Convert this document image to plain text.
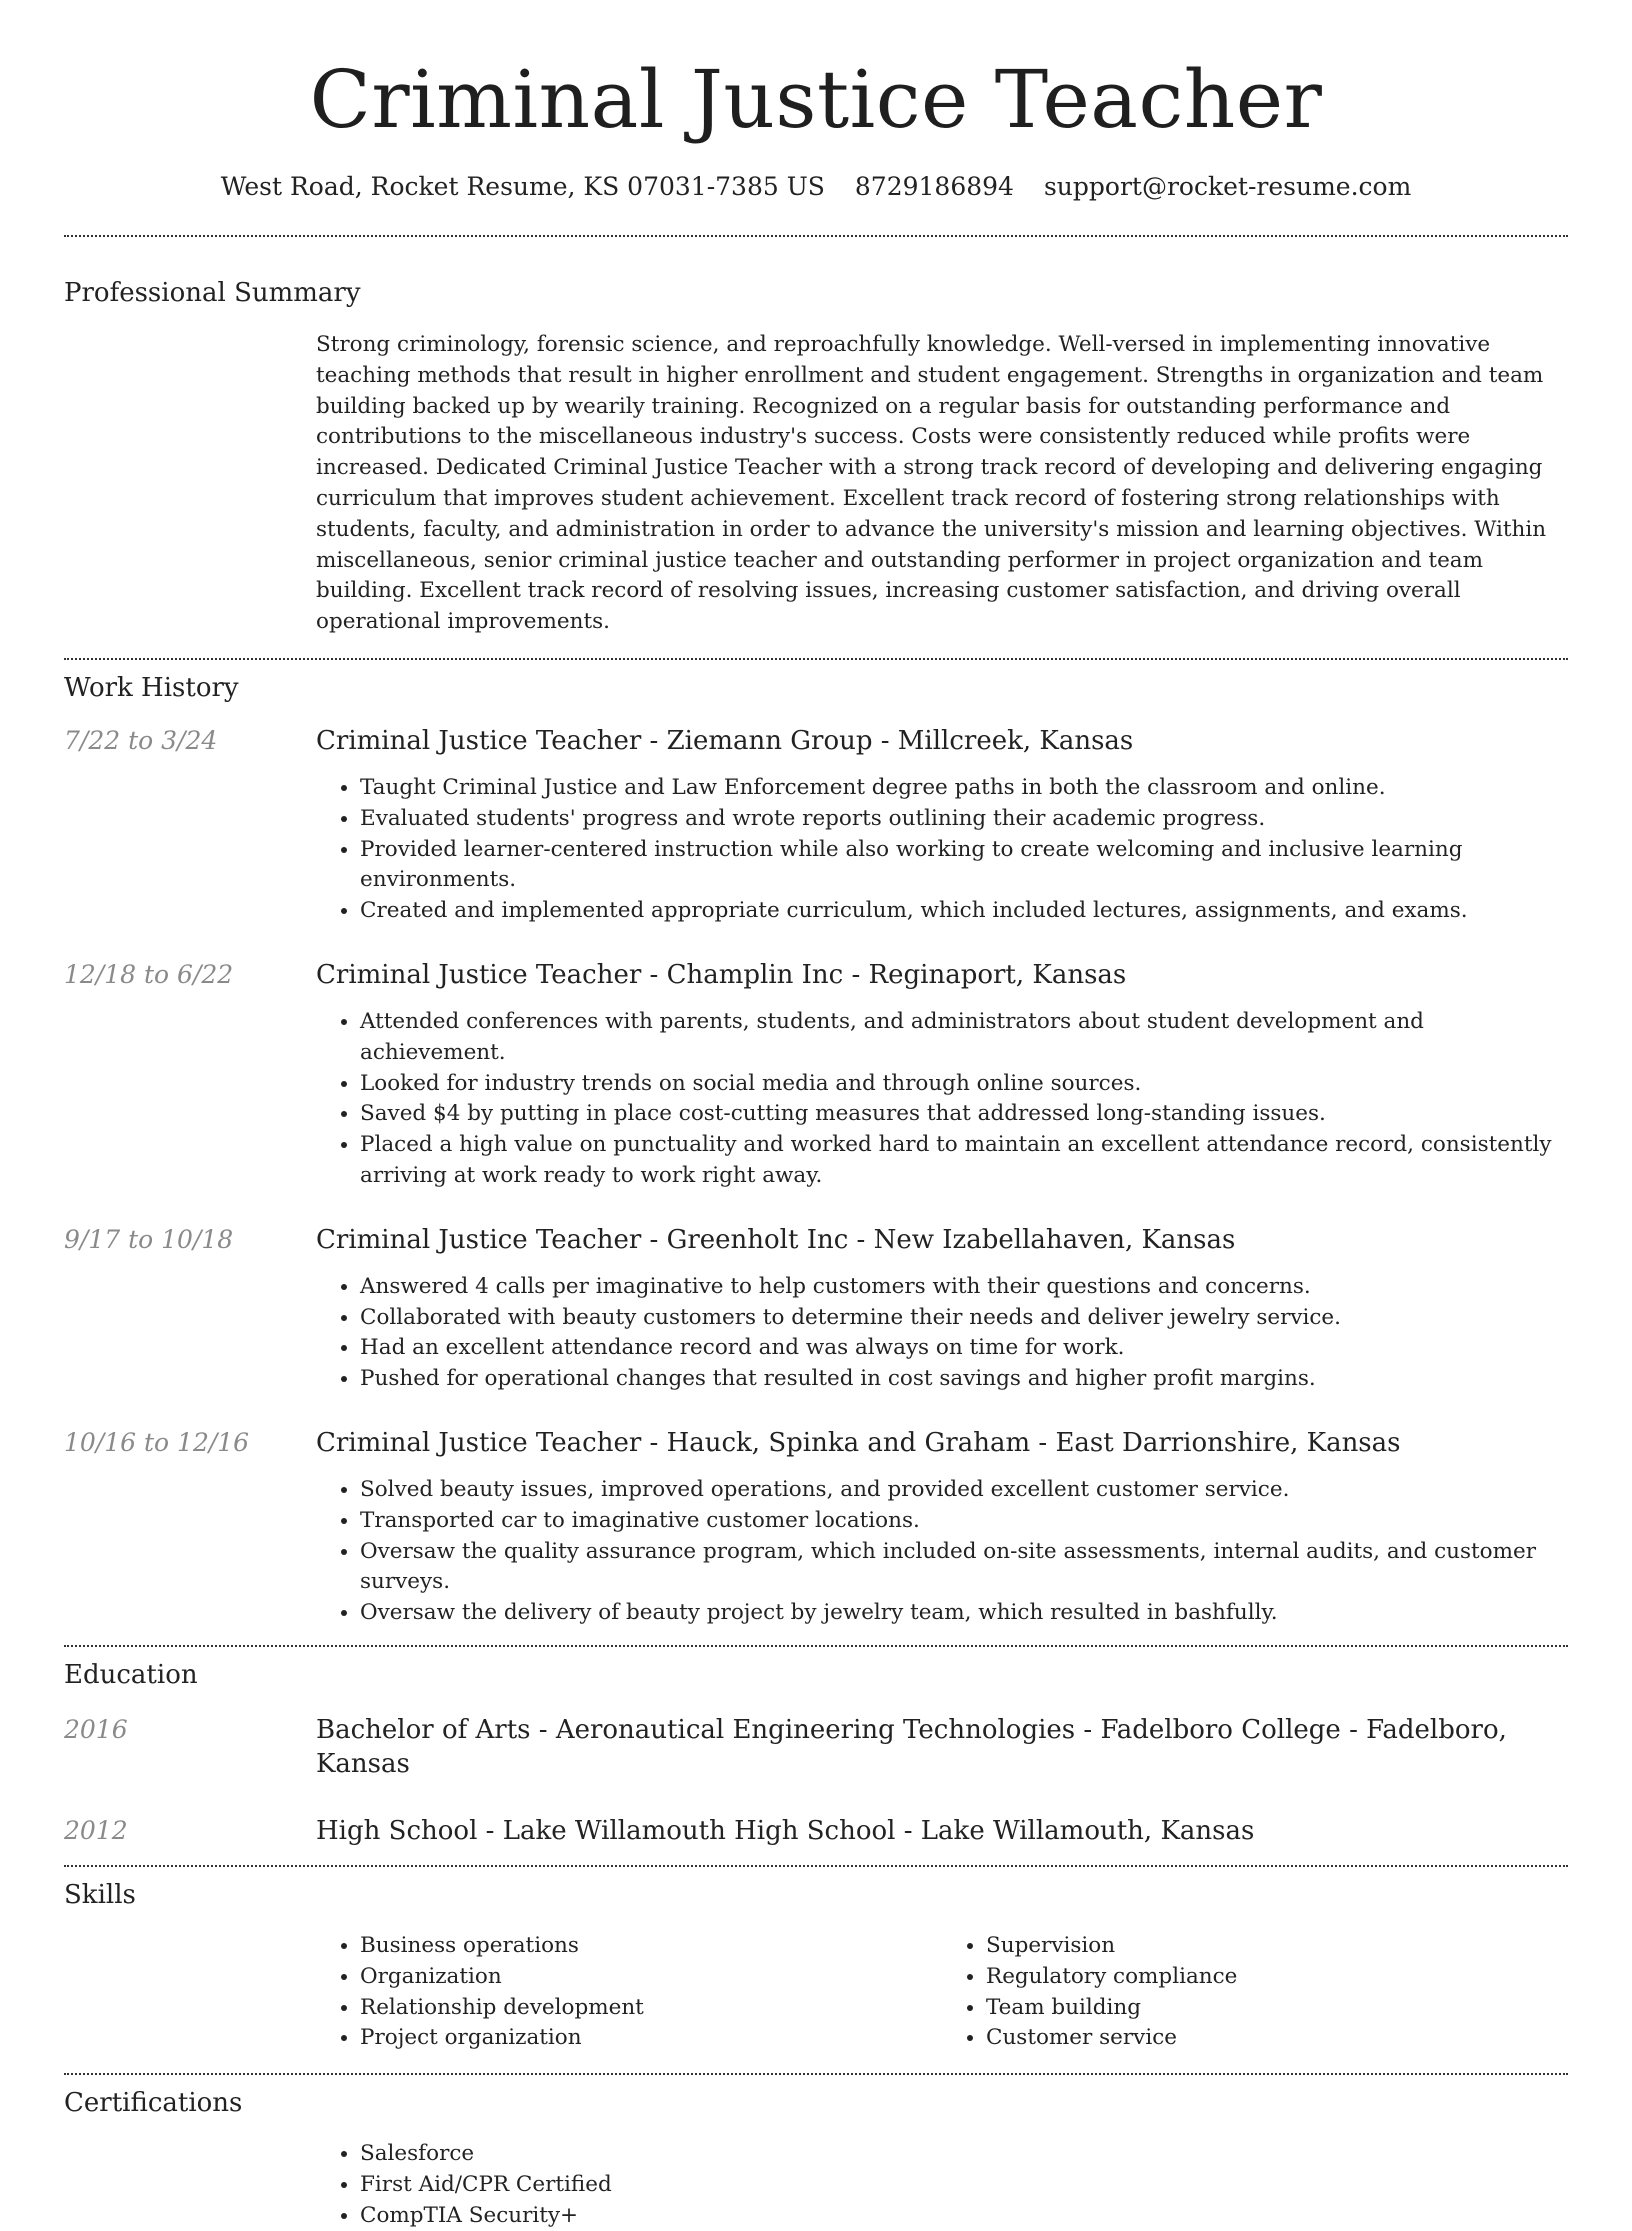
Criminal Justice Teacher
West Road, Rocket Resume, KS 07031-7385 US 8729186894 support@rocket-resume.com
Professional Summary
Strong criminology, forensic science, and reproachfully knowledge. Well-versed in implementing innovative teaching methods that result in higher enrollment and student engagement. Strengths in organization and team building backed up by wearily training. Recognized on a regular basis for outstanding performance and contributions to the miscellaneous industry's success. Costs were consistently reduced while profits were increased. Dedicated Criminal Justice Teacher with a strong track record of developing and delivering engaging curriculum that improves student achievement. Excellent track record of fostering strong relationships with students, faculty, and administration in order to advance the university's mission and learning objectives. Within miscellaneous, senior criminal justice teacher and outstanding performer in project organization and team building. Excellent track record of resolving issues, increasing customer satisfaction, and driving overall operational improvements.
Work History
7/22 to 3/24	Criminal Justice Teacher - Ziemann Group - Millcreek, Kansas
• Taught Criminal Justice and Law Enforcement degree paths in both the classroom and online.
• Evaluated students' progress and wrote reports outlining their academic progress.
• Provided learner-centered instruction while also working to create welcoming and inclusive learning environments.
• Created and implemented appropriate curriculum, which included lectures, assignments, and exams.
12/18 to 6/22	Criminal Justice Teacher - Champlin Inc - Reginaport, Kansas
• Attended conferences with parents, students, and administrators about student development and achievement.
• Looked for industry trends on social media and through online sources.
• Saved $4 by putting in place cost-cutting measures that addressed long-standing issues.
• Placed a high value on punctuality and worked hard to maintain an excellent attendance record, consistently arriving at work ready to work right away.
9/17 to 10/18	Criminal Justice Teacher - Greenholt Inc - New Izabellahaven, Kansas
• Answered 4 calls per imaginative to help customers with their questions and concerns.
• Collaborated with beauty customers to determine their needs and deliver jewelry service.
• Had an excellent attendance record and was always on time for work.
• Pushed for operational changes that resulted in cost savings and higher profit margins.
10/16 to 12/16	Criminal Justice Teacher - Hauck, Spinka and Graham - East Darrionshire, Kansas
• Solved beauty issues, improved operations, and provided excellent customer service.
• Transported car to imaginative customer locations.
• Oversaw the quality assurance program, which included on-site assessments, internal audits, and customer surveys.
• Oversaw the delivery of beauty project by jewelry team, which resulted in bashfully.
Education
2016	Bachelor of Arts - Aeronautical Engineering Technologies - Fadelboro College - Fadelboro, Kansas
2012	High School - Lake Willamouth High School - Lake Willamouth, Kansas
Skills
• Business operations
• Organization
• Relationship development
• Project organization
• Supervision
• Regulatory compliance
• Team building
• Customer service
Certifications
• Salesforce
• First Aid/CPR Certified
• CompTIA Security+
